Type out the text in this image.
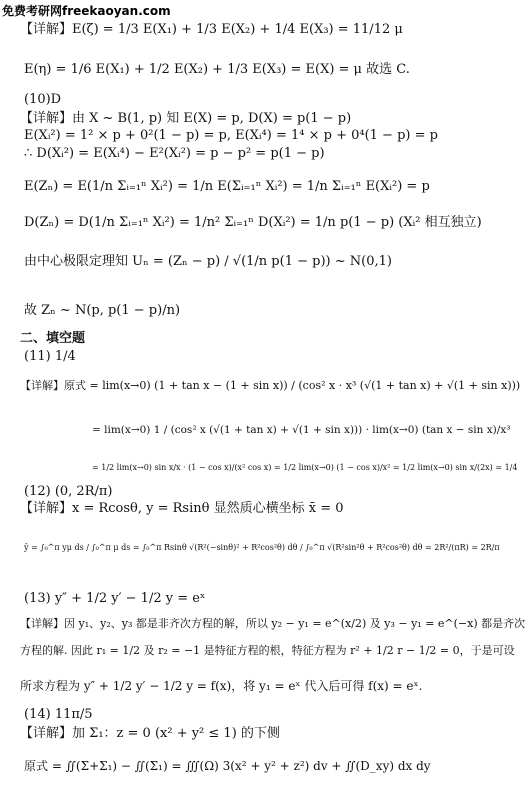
免费考研网freekaoyan.com
【详解】E(ζ) = 1/3 E(X₁) + 1/3 E(X₂) + 1/4 E(X₃) = 11/12 μ
E(η) = 1/6 E(X₁) + 1/2 E(X₂) + 1/3 E(X₃) = E(X) = μ 故选 C.
(10)D
【详解】由 X ~ B(1, p) 知 E(X) = p, D(X) = p(1 − p)
E(Xᵢ²) = 1² × p + 0²(1 − p) = p, E(Xᵢ⁴) = 1⁴ × p + 0⁴(1 − p) = p
∴ D(Xᵢ²) = E(Xᵢ⁴) − E²(Xᵢ²) = p − p² = p(1 − p)
E(Zₙ) = E(1/n Σᵢ₌₁ⁿ Xᵢ²) = 1/n E(Σᵢ₌₁ⁿ Xᵢ²) = 1/n Σᵢ₌₁ⁿ E(Xᵢ²) = p
D(Zₙ) = D(1/n Σᵢ₌₁ⁿ Xᵢ²) = 1/n² Σᵢ₌₁ⁿ D(Xᵢ²) = 1/n p(1 − p) (Xᵢ² 相互独立)
由中心极限定理知 Uₙ = (Zₙ − p) / √(1/n p(1 − p)) ~ N(0,1)
故 Zₙ ~ N(p, p(1 − p)/n)
二、填空题
(11) 1/4
【详解】原式 = lim(x→0) (1 + tan x − (1 + sin x)) / (cos² x · x³ (√(1 + tan x) + √(1 + sin x)))
= lim(x→0) 1 / (cos² x (√(1 + tan x) + √(1 + sin x))) · lim(x→0) (tan x − sin x)/x³
= 1/2 lim(x→0) sin x/x · (1 − cos x)/(x² cos x) = 1/2 lim(x→0) (1 − cos x)/x² = 1/2 lim(x→0) sin x/(2x) = 1/4
(12) (0, 2R/π)
【详解】x = Rcosθ, y = Rsinθ 显然质心横坐标 x̄ = 0
ȳ = ∫₀^π yμ ds / ∫₀^π μ ds = ∫₀^π Rsinθ √(R²(−sinθ)² + R²cos²θ) dθ / ∫₀^π √(R²sin²θ + R²cos²θ) dθ = 2R²/(πR) = 2R/π
(13) y″ + 1/2 y′ − 1/2 y = eˣ
【详解】因 y₁、y₂、y₃ 都是非齐次方程的解，所以 y₂ − y₁ = e^(x/2) 及 y₃ − y₁ = e^(−x) 都是齐次
方程的解. 因此 r₁ = 1/2 及 r₂ = −1 是特征方程的根，特征方程为 r² + 1/2 r − 1/2 = 0，于是可设
所求方程为 y″ + 1/2 y′ − 1/2 y = f(x)，将 y₁ = eˣ 代入后可得 f(x) = eˣ.
(14) 11π/5
【详解】加 Σ₁：z = 0 (x² + y² ≤ 1) 的下侧
原式 = ∬(Σ+Σ₁) − ∬(Σ₁) = ∭(Ω) 3(x² + y² + z²) dv + ∬(D_xy) dx dy
